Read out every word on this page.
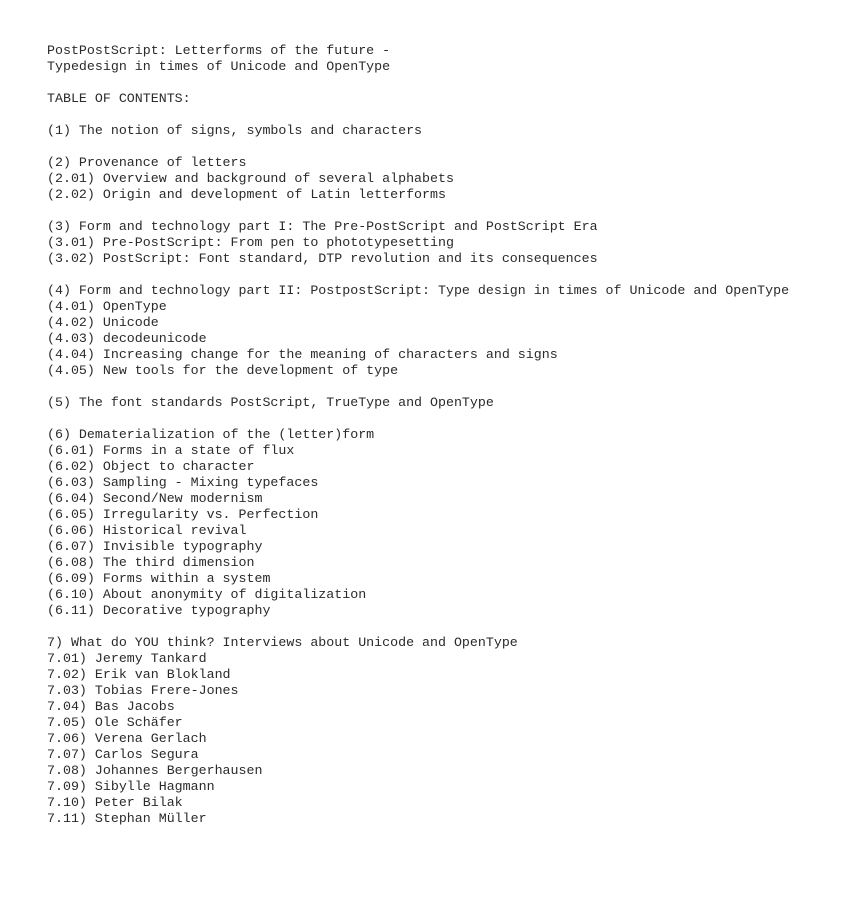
PostPostScript: Letterforms of the future -
Typedesign in times of Unicode and OpenType
TABLE OF CONTENTS:
(1) The notion of signs, symbols and characters
(2) Provenance of letters
(2.01) Overview and background of several alphabets
(2.02) Origin and development of Latin letterforms
(3) Form and technology part I: The Pre-PostScript and PostScript Era
(3.01) Pre-PostScript: From pen to phototypesetting
(3.02) PostScript: Font standard, DTP revolution and its consequences
(4) Form and technology part II: PostpostScript: Type design in times of Unicode and OpenType
(4.01) OpenType
(4.02) Unicode
(4.03) decodeunicode
(4.04) Increasing change for the meaning of characters and signs
(4.05) New tools for the development of type
(5) The font standards PostScript, TrueType and OpenType
(6) Dematerialization of the (letter)form
(6.01) Forms in a state of flux
(6.02) Object to character
(6.03) Sampling - Mixing typefaces
(6.04) Second/New modernism
(6.05) Irregularity vs. Perfection
(6.06) Historical revival
(6.07) Invisible typography
(6.08) The third dimension
(6.09) Forms within a system
(6.10) About anonymity of digitalization
(6.11) Decorative typography
7) What do YOU think? Interviews about Unicode and OpenType
7.01) Jeremy Tankard
7.02) Erik van Blokland
7.03) Tobias Frere-Jones
7.04) Bas Jacobs
7.05) Ole Schäfer
7.06) Verena Gerlach
7.07) Carlos Segura
7.08) Johannes Bergerhausen
7.09) Sibylle Hagmann
7.10) Peter Bilak
7.11) Stephan Müller
